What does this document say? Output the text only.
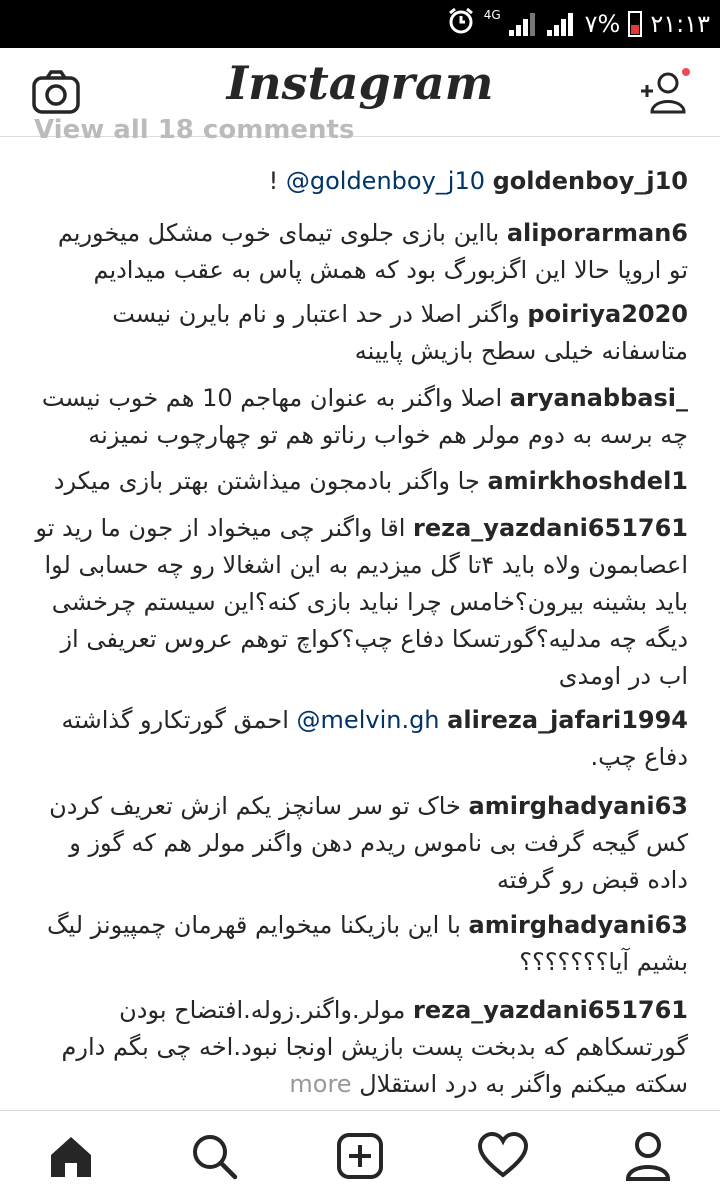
4G	۷% ۲۱:۱۳
Instagram
View all 18 comments
goldenboy_j10 @goldenboy_j10 !
aliporarman6 بااین بازی جلوی تیمای خوب مشکل میخوریم تو اروپا حالا این اگزبورگ بود که همش پاس به عقب میدادیم
poiriya2020 واگنر اصلا در حد اعتبار و نام بایرن نیست متاسفانه خیلی سطح بازیش پایینه
aryanabbasi_ اصلا واگنر به عنوان مهاجم 10 هم خوب نیست چه برسه به دوم مولر هم خواب رناتو هم تو چهارچوب نمیزنه
amirkhoshdel1 جا واگنر بادمجون میذاشتن بهتر بازی میکرد
reza_yazdani651761 اقا واگنر چی میخواد از جون ما رید تو اعصابمون ولاه باید ۴تا گل میزدیم به این اشغالا رو چه حسابی لوا باید بشینه بیرون؟خامس چرا نباید بازی کنه؟این سیستم چرخشی دیگه چه مدلیه؟گورتسکا دفاع چپ؟کواچ توهم عروس تعریفی از اب در اومدی
alireza_jafari1994 @melvin.gh احمق گورتکارو گذاشته دفاع چپ.
amirghadyani63 خاک تو سر سانچز یکم ازش تعریف کردن کس گیجه گرفت بی ناموس ریدم دهن واگنر مولر هم که گوز و داده قبض رو گرفته
amirghadyani63 با این بازیکنا میخوایم قهرمان چمپیونز لیگ بشیم آیا؟؟؟؟؟؟؟
reza_yazdani651761 مولر.واگنر.زوله.افتضاح بودن گورتسکاهم که بدبخت پست بازیش اونجا نبود.اخه چی بگم دارم سکته میکنم واگنر به درد استقلال more
